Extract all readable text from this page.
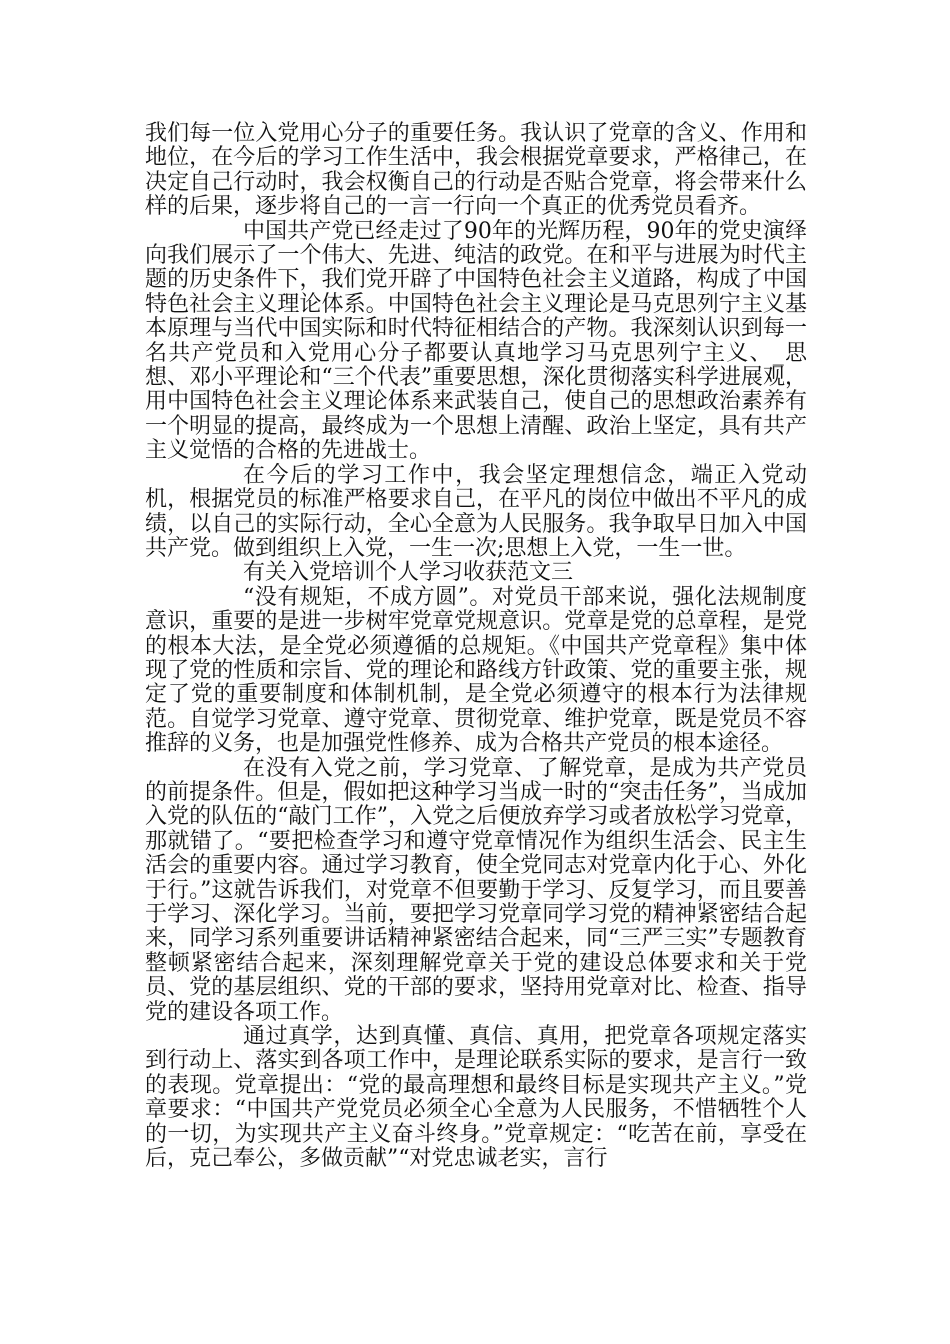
我们每一位入党用心分子的重要任务。我认识了党章的含义、作用和地位，在今后的学习工作生活中，我会根据党章要求，严格律己，在决定自己行动时，我会权衡自己的行动是否贴合党章，将会带来什么样的后果，逐步将自己的一言一行向一个真正的优秀党员看齐。

中国共产党已经走过了90年的光辉历程，90年的党史演绎向我们展示了一个伟大、先进、纯洁的政党。在和平与进展为时代主题的历史条件下，我们党开辟了中国特色社会主义道路，构成了中国特色社会主义理论体系。中国特色社会主义理论是马克思列宁主义基本原理与当代中国实际和时代特征相结合的产物。我深刻认识到每一名共产党员和入党用心分子都要认真地学习马克思列宁主义、_思想、邓小平理论和“三个代表”重要思想，深化贯彻落实科学进展观，用中国特色社会主义理论体系来武装自己，使自己的思想政治素养有一个明显的提高，最终成为一个思想上清醒、政治上坚定，具有共产主义觉悟的合格的先进战士。

在今后的学习工作中，我会坚定理想信念，端正入党动机，根据党员的标准严格要求自己，在平凡的岗位中做出不平凡的成绩，以自己的实际行动，全心全意为人民服务。我争取早日加入中国共产党。做到组织上入党，一生一次;思想上入党，一生一世。

有关入党培训个人学习收获范文三

“没有规矩，不成方圆”。对党员干部来说，强化法规制度意识，重要的是进一步树牢党章党规意识。党章是党的总章程，是党的根本大法，是全党必须遵循的总规矩。《中国共产党章程》集中体现了党的性质和宗旨、党的理论和路线方针政策、党的重要主张，规定了党的重要制度和体制机制，是全党必须遵守的根本行为法律规范。自觉学习党章、遵守党章、贯彻党章、维护党章，既是党员不容推辞的义务，也是加强党性修养、成为合格共产党员的根本途径。

在没有入党之前，学习党章、了解党章，是成为共产党员的前提条件。但是，假如把这种学习当成一时的“突击任务”，当成加入党的队伍的“敲门工作”，入党之后便放弃学习或者放松学习党章，那就错了。“要把检查学习和遵守党章情况作为组织生活会、民主生活会的重要内容。通过学习教育，使全党同志对党章内化于心、外化于行。”这就告诉我们，对党章不但要勤于学习、反复学习，而且要善于学习、深化学习。当前，要把学习党章同学习党的精神紧密结合起来，同学习系列重要讲话精神紧密结合起来，同“三严三实”专题教育整顿紧密结合起来，深刻理解党章关于党的建设总体要求和关于党员、党的基层组织、党的干部的要求，坚持用党章对比、检查、指导党的建设各项工作。

通过真学，达到真懂、真信、真用，把党章各项规定落实到行动上、落实到各项工作中，是理论联系实际的要求，是言行一致的表现。党章提出：“党的最高理想和最终目标是实现共产主义。”党章要求：“中国共产党党员必须全心全意为人民服务，不惜牺牲个人的一切，为实现共产主义奋斗终身。”党章规定：“吃苦在前，享受在后，克己奉公，多做贡献”“对党忠诚老实，言行
